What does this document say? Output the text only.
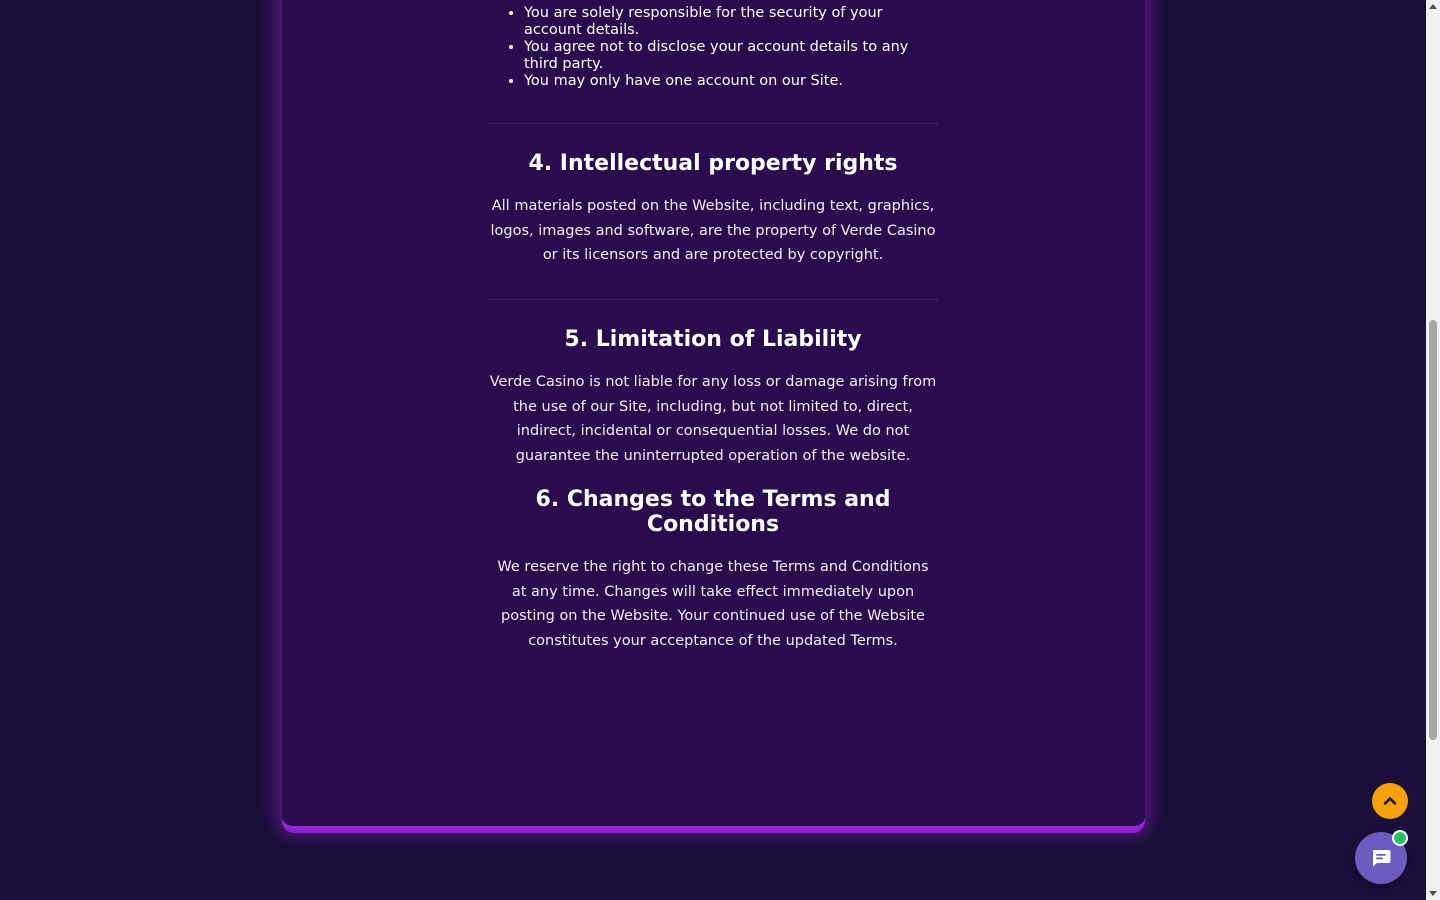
• You are solely responsible for the security of your account details.
• You agree not to disclose your account details to any third party.
• You may only have one account on our Site.
4. Intellectual property rights

All materials posted on the Website, including text, graphics, logos, images and software, are the property of Verde Casino or its licensors and are protected by copyright.

5. Limitation of Liability

Verde Casino is not liable for any loss or damage arising from the use of our Site, including, but not limited to, direct, indirect, incidental or consequential losses. We do not guarantee the uninterrupted operation of the website.

6. Changes to the Terms and Conditions

We reserve the right to change these Terms and Conditions at any time. Changes will take effect immediately upon posting on the Website. Your continued use of the Website constitutes your acceptance of the updated Terms.
